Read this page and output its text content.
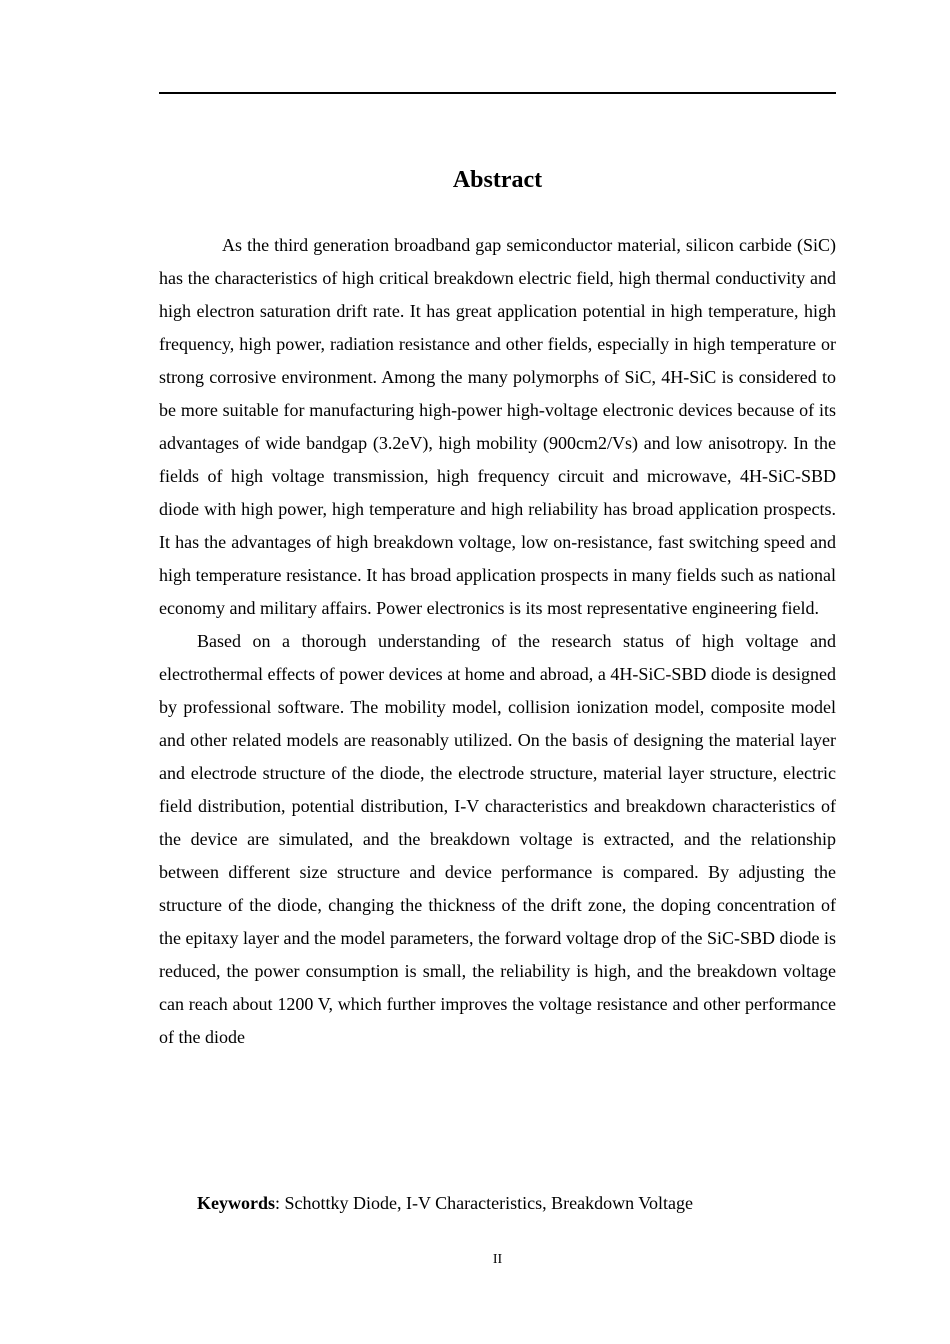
Abstract

As the third generation broadband gap semiconductor material, silicon carbide (SiC) has the characteristics of high critical breakdown electric field, high thermal conductivity and high electron saturation drift rate. It has great application potential in high temperature, high frequency, high power, radiation resistance and other fields, especially in high temperature or strong corrosive environment. Among the many polymorphs of SiC, 4H-SiC is considered to be more suitable for manufacturing high-power high-voltage electronic devices because of its advantages of wide bandgap (3.2eV), high mobility (900cm2/Vs) and low anisotropy. In the fields of high voltage transmission, high frequency circuit and microwave, 4H-SiC-SBD diode with high power, high temperature and high reliability has broad application prospects. It has the advantages of high breakdown voltage, low on-resistance, fast switching speed and high temperature resistance. It has broad application prospects in many fields such as national economy and military affairs. Power electronics is its most representative engineering field.

Based on a thorough understanding of the research status of high voltage and electrothermal effects of power devices at home and abroad, a 4H-SiC-SBD diode is designed by professional software. The mobility model, collision ionization model, composite model and other related models are reasonably utilized. On the basis of designing the material layer and electrode structure of the diode, the electrode structure, material layer structure, electric field distribution, potential distribution, I-V characteristics and breakdown characteristics of the device are simulated, and the breakdown voltage is extracted, and the relationship between different size structure and device performance is compared. By adjusting the structure of the diode, changing the thickness of the drift zone, the doping concentration of the epitaxy layer and the model parameters, the forward voltage drop of the SiC-SBD diode is reduced, the power consumption is small, the reliability is high, and the breakdown voltage can reach about 1200 V, which further improves the voltage resistance and other performance of the diode

Keywords: Schottky Diode, I-V Characteristics, Breakdown Voltage

II
